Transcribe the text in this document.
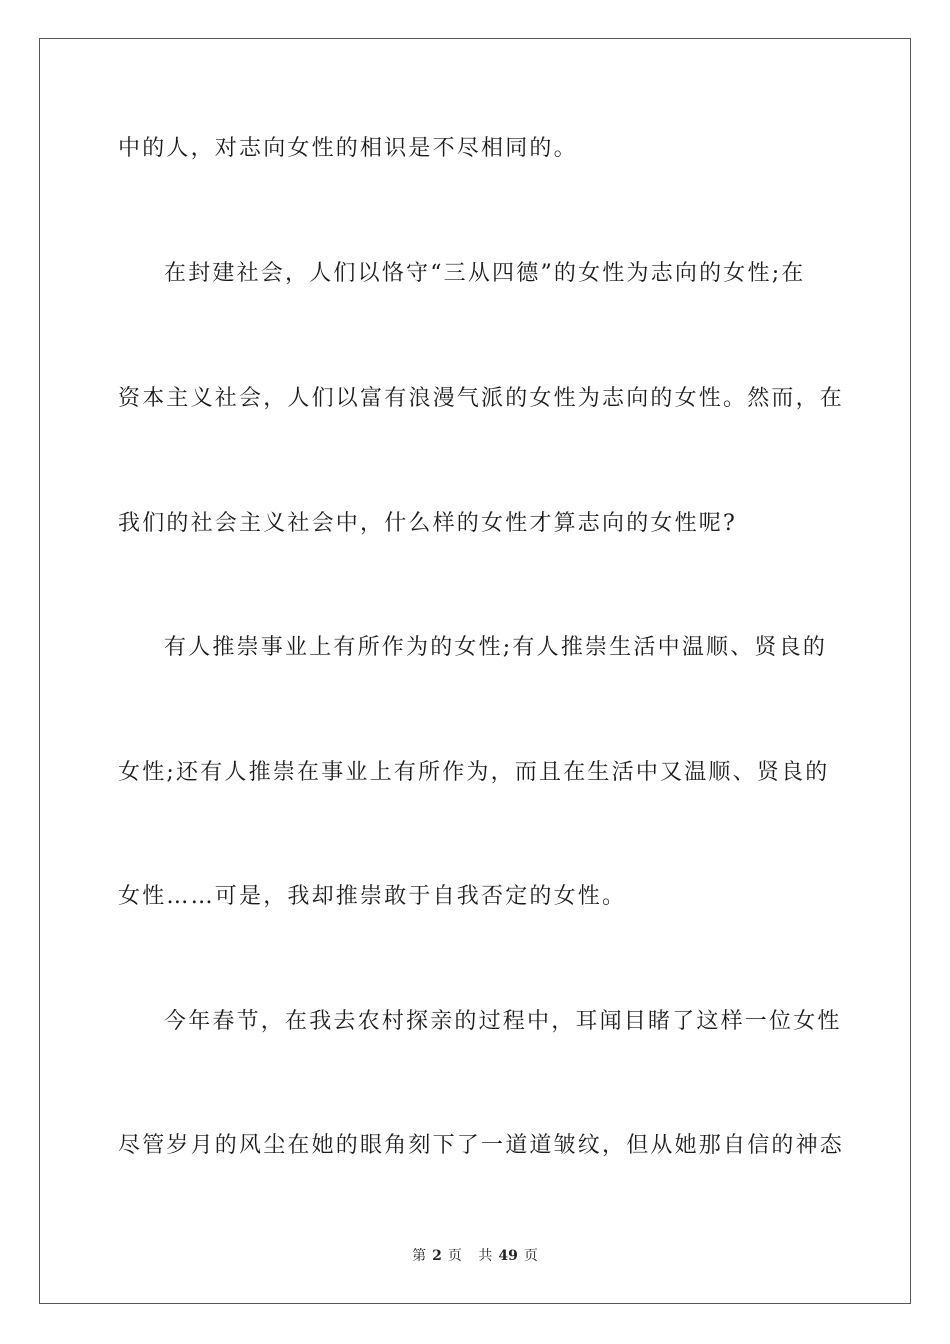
中的人，对志向女性的相识是不尽相同的。
在封建社会，人们以恪守“三从四德”的女性为志向的女性;在
资本主义社会，人们以富有浪漫气派的女性为志向的女性。然而，在
我们的社会主义社会中，什么样的女性才算志向的女性呢?
有人推崇事业上有所作为的女性;有人推崇生活中温顺、贤良的
女性;还有人推崇在事业上有所作为，而且在生活中又温顺、贤良的
女性……可是，我却推崇敢于自我否定的女性。
今年春节，在我去农村探亲的过程中，耳闻目睹了这样一位女性
尽管岁月的风尘在她的眼角刻下了一道道皱纹，但从她那自信的神态
第 2 页 共 49 页
